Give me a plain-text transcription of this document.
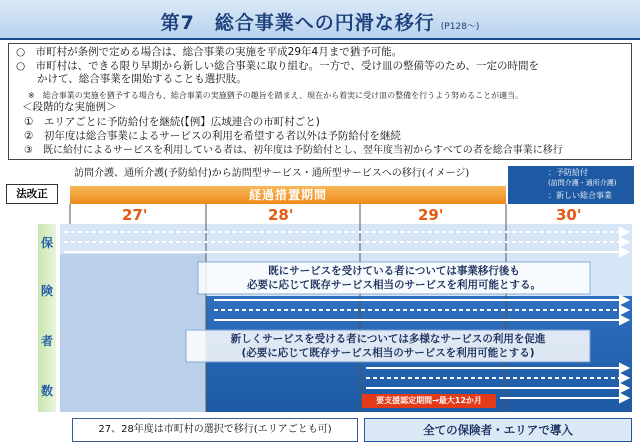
第7　総合事業への円滑な移行 (P128～)
○　市町村が条例で定める場合は、総合事業の実施を平成29年4月まで猶予可能。
○　市町村は、できる限り早期から新しい総合事業に取り組む。一方で、受け皿の整備等のため、一定の時間を
　　かけて、総合事業を開始することも選択肢。
※　総合事業の実施を猶予する場合も、総合事業の実施猶予の趣旨を踏まえ、現在から着実に受け皿の整備を行うよう努めることが適当。
＜段階的な実施例＞
①　エリアごとに予防給付を継続(【例】広域連合の市町村ごと)
②　初年度は総合事業によるサービスの利用を希望する者以外は予防給付を継続
③　既に給付によるサービスを利用している者は、初年度は予防給付とし、翌年度当初からすべての者を総合事業に移行
法改正
訪問介護、通所介護(予防給付)から訪問型サービス・通所型サービスへの移行(イメージ)	：予防給付
(訪問介護・通所介護)
：新しい総合事業
経過措置期間
27'	28'	29'	30'
保
険
者
数
既にサービスを受けている者については事業移行後も
必要に応じて既存サービス相当のサービスを利用可能とする。
新しくサービスを受ける者については多様なサービスの利用を促進
(必要に応じて既存サービス相当のサービスを利用可能とする)
要支援認定期間→最大12か月
27、28年度は市町村の選択で移行(エリアごとも可)	全ての保険者・エリアで導入
